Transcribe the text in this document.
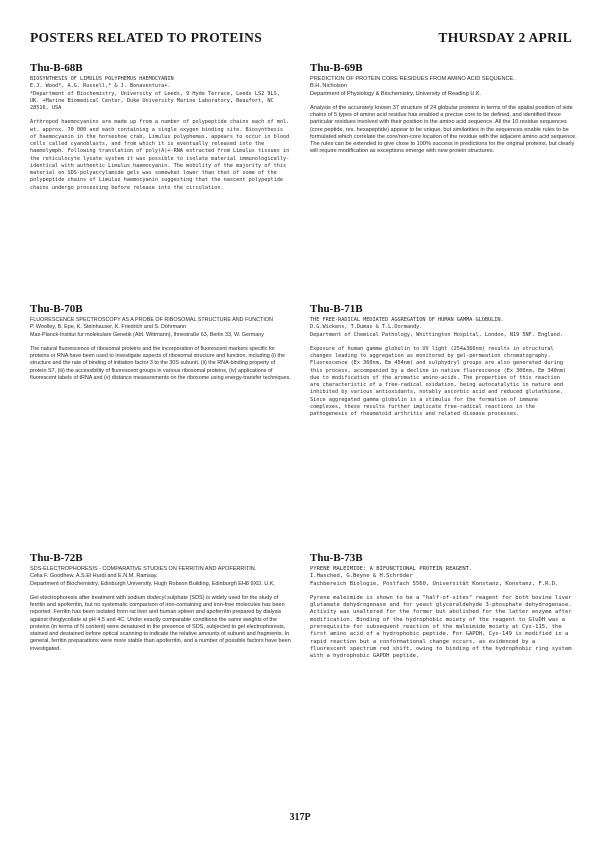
POSTERS RELATED TO PROTEINS	THURSDAY 2 APRIL
Thu-B-68B
BIOSYNTHESIS OF LIMULUS POLYPHEMUS HAEMOCYANIN
E.J. Wood*, A.G. Russell,* & J. Bonaventura+.
*Department of Biochemistry, University of Leeds, 9 Hyde Terrace, Leeds LS2 9LS, UK. +Marine Biomedical Center, Duke University Marine Laboratory, Beaufort, NC 28516, USA
Arthropod haemocyanins are made up from a number of polypeptide chains each of mol. wt. approx. 70 000 and each containing a single oxygen binding site. Biosynthesis of haemocyanin in the horseshoe crab, Limulus polyphemus, appears to occur in blood cells called cyanoblasts, and from which it is eventually released into the haemolymph. Following translation of poly(A)+-RNA extracted from Limulus tissues in the reticulocyte lysate system it was possible to isolate material immunologically-identical with authentic Limulus haemocyanin. The mobility of the majority of this material on SDS-polyacrylamide gels was somewhat lower than that of some of the polypeptide chains of Limulus haemocyanin suggesting that the nascent polypeptide chains undergo processing before release into the circulation.
Thu-B-69B
PREDICTION OF PROTEIN CORE RESIDUES FROM AMINO ACID SEQUENCE.
B.H. Nicholson
Department of Physiology & Biochemistry, University of Reading U.K.
Analysis of the accurately known 37 structure of 24 globular proteins in terms of the spatial position of side chains of 5 types of amino acid residue has enabled a precise core to be defined, and identified those particular residues involved with their position in the amino acid sequence. All the 10 residue sequences (core peptide, res. hexapeptide) appear to be unique, but similarities in the sequences enable rules to be formulated which correlate the core/non-core location of the residue with the adjacent amino acid sequence. The rules can be extended to give close to 100% success in predictions for the original proteins, but clearly will require modification as exceptions emerge with new protein structures.
Thu-B-70B
FLUORESCENCE SPECTROSCOPY AS A PROBE OF RIBOSOMAL STRUCTURE AND FUNCTION
P. Woolley, B. Epe, K. Steinhauser, K. Friedrich and S. Dohrmann
Max-Planck-Institut fur molekulare Genetik (Abt. Wittmann), Ihnestraße 63, Berlin 33, W. Germany
The natural fluorescence of ribosomal proteins and the incorporation of fluorescent markers specific for proteins or RNA have been used to investigate aspects of ribosomal structure and function, including (i) the structure and the rate of binding of initiation factor 3 to the 30S subunit, (ii) the RNA-binding property of protein S7, (iii) the accessibility of fluorescent groups in various ribosomal proteins, (iv) applications of fluorescent labels of tRNA and (v) distance measurements on the ribosome using energy-transfer techniques.
Thu-B-71B
THE FREE-RADICAL MEDIATED AGGREGATION OF HUMAN GAMMA GLOBULIN.
D.G.Wickens, T.Dumas & T.L.Dormandy.
Department of Chemical Pathology, Whittington Hospital, London, N19 5NF. England.
Exposure of human gamma globulin to UV light (254±366nm) results in structural changes leading to aggregation as monitored by gel-permeation chromatography. Fluorescence (Ex 360nm, Em 454nm) and sulphydryl groups are also generated during this process, accompanied by a decline in native fluorescence (Ex 300nm, Em 340nm) due to modification of the aromatic amino-acids. The properties of this reaction are characteristic of a free-radical oxidation, being autocatalytic in nature and inhibited by various antioxidants, notably ascorbic acid and reduced glutathione. Since aggregated gamma globulin is a stimulus for the formation of immune complexes, these results further implicate free-radical reactions in the pathogenesis of rheumatoid arthritis and related disease processes.
Thu-B-72B
SDS-ELECTROPHORESIS - COMPARATIVE STUDIES ON FERRITIN AND APOFERRITIN.
Celia F. Goodhew, A.S.El Hurdi and E.N.M. Ramsay.
Department of Biochemistry, Edinburgh University, Hugh Robson Building, Edinburgh EH8 9XD, U.K.
Gel electrophoresis after treatment with sodium dodecyl sulphate (SDS) is widely used for the study of ferritin and apoferritin, but no systematic comparison of iron-containing and iron-free molecules has been reported. Ferritin has been isolated from rat liver and human spleen and apoferritin prepared by dialysis against thioglycollate at pH 4.5 and 4C. Under exactly comparable conditions the same weights of the proteins (in terms of N content) were denatured in the presence of SDS, subjected to gel electrophoresis, stained and destained before optical scanning to indicate the relative amounts of subunit and fragments. In general, ferritin preparations were more stable than apoferritin, and a number of possible factors have been investigated.
Thu-B-73B
PYRENE MALEIMIDE: A BIFUNCTIONAL PROTEIN REAGENT.
I.Hasched, G.Beyne & H.Schröder
Fachbereich Biologie, Postfach 5560, Universität Konstanz, Konstanz, F.R.D.
Pyrene maleimide is shown to be a "half-of-sites" reagent for both bovine liver glutamate dehydrogenase and for yeast glyceraldehyde 3-phosphate dehydrogenase. Activity was unaltered for the former but abolished for the latter enzyme after modification. Binding of the hydrophobic moiety of the reagent to GluDH was a prerequisite for subsequent reaction of the maleimide moiety at Cys-115, the first amino acid of a hydrophobic peptide. For GAPDH, Cys-149 is modified in a rapid reaction but a conformational change occurs, as evidenced by a fluorescent spectrum red shift, owing to binding of the hydrophobic ring system with a hydrophobic GAPDH peptide.
317P
